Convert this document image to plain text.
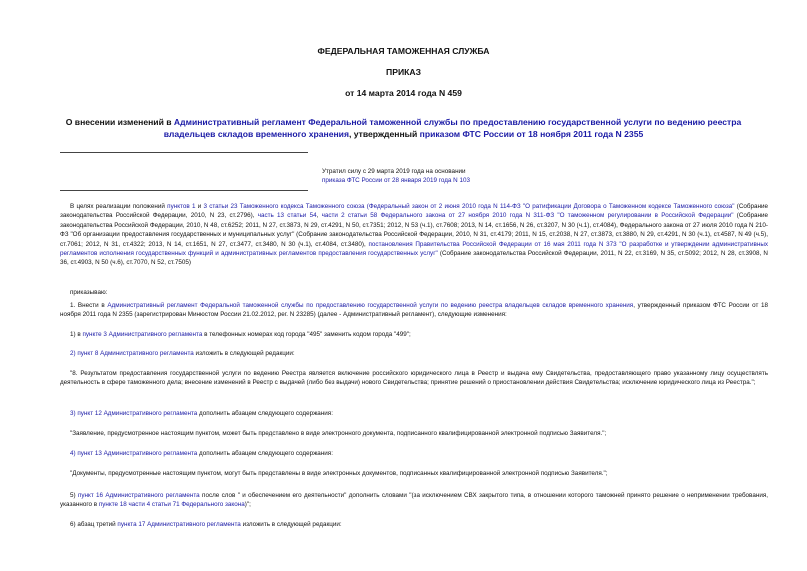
ФЕДЕРАЛЬНАЯ ТАМОЖЕННАЯ СЛУЖБА
ПРИКАЗ
от 14 марта 2014 года N 459
О внесении изменений в Административный регламент Федеральной таможенной службы по предоставлению государственной услуги по ведению реестра владельцев складов временного хранения, утвержденный приказом ФТС России от 18 ноября 2011 года N 2355
Утратил силу с 29 марта 2019 года на основании
приказа ФТС России от 28 января 2019 года N 103
В целях реализации положений пунктов 1 и 3 статьи 23 Таможенного кодекса Таможенного союза (Федеральный закон от 2 июня 2010 года N 114-ФЗ "О ратификации Договора о Таможенном кодексе Таможенного союза" (Собрание законодательства Российской Федерации, 2010, N 23, ст.2796), часть 13 статьи 54, части 2 статьи 58 Федерального закона от 27 ноября 2010 года N 311-ФЗ "О таможенном регулировании в Российской Федерации" (Собрание законодательства Российской Федерации, 2010, N 48, ст.6252; 2011, N 27, ст.3873, N 29, ст.4291, N 50, ст.7351; 2012, N 53 (ч.1), ст.7608; 2013, N 14, ст.1656, N 26, ст.3207, N 30 (ч.1), ст.4084), Федерального закона от 27 июля 2010 года N 210-ФЗ "Об организации предоставления государственных и муниципальных услуг" (Собрание законодательства Российской Федерации, 2010, N 31, ст.4179; 2011, N 15, ст.2038, N 27, ст.3873, ст.3880, N 29, ст.4291, N 30 (ч.1), ст.4587, N 49 (ч.5), ст.7061; 2012, N 31, ст.4322; 2013, N 14, ст.1651, N 27, ст.3477, ст.3480, N 30 (ч.1), ст.4084, ст.3480), постановления Правительства Российской Федерации от 16 мая 2011 года N 373 "О разработке и утверждении административных регламентов исполнения государственных функций и административных регламентов предоставления государственных услуг" (Собрание законодательства Российской Федерации, 2011, N 22, ст.3169, N 35, ст.5092; 2012, N 28, ст.3908, N 36, ст.4903, N 50 (ч.6), ст.7070, N 52, ст.7505)
приказываю:
1. Внести в Административный регламент Федеральной таможенной службы по предоставлению государственной услуги по ведению реестра владельцев складов временного хранения, утвержденный приказом ФТС России от 18 ноября 2011 года N 2355 (зарегистрирован Минюстом России 21.02.2012, рег. N 23285) (далее - Административный регламент), следующие изменения:
1) в пункте 3 Административного регламента в телефонных номерах код города "495" заменить кодом города "499";
2) пункт 8 Административного регламента изложить в следующей редакции:
"8. Результатом предоставления государственной услуги по ведению Реестра является включение российского юридического лица в Реестр и выдача ему Свидетельства, предоставляющего право указанному лицу осуществлять деятельность в сфере таможенного дела; внесение изменений в Реестр с выдачей (либо без выдачи) нового Свидетельства; принятие решений о приостановлении действия Свидетельства; исключение юридического лица из Реестра.";
3) пункт 12 Административного регламента дополнить абзацем следующего содержания:
"Заявление, предусмотренное настоящим пунктом, может быть представлено в виде электронного документа, подписанного квалифицированной электронной подписью Заявителя.";
4) пункт 13 Административного регламента дополнить абзацем следующего содержания:
"Документы, предусмотренные настоящим пунктом, могут быть представлены в виде электронных документов, подписанных квалифицированной электронной подписью Заявителя.";
5) пункт 16 Административного регламента после слов " и обеспечением его деятельности" дополнить словами "(за исключением СВХ закрытого типа, в отношении которого таможней принято решение о неприменении требования, указанного в пункте 18 части 4 статьи 71 Федерального закона)";
6) абзац третий пункта 17 Административного регламента изложить в следующей редакции:
